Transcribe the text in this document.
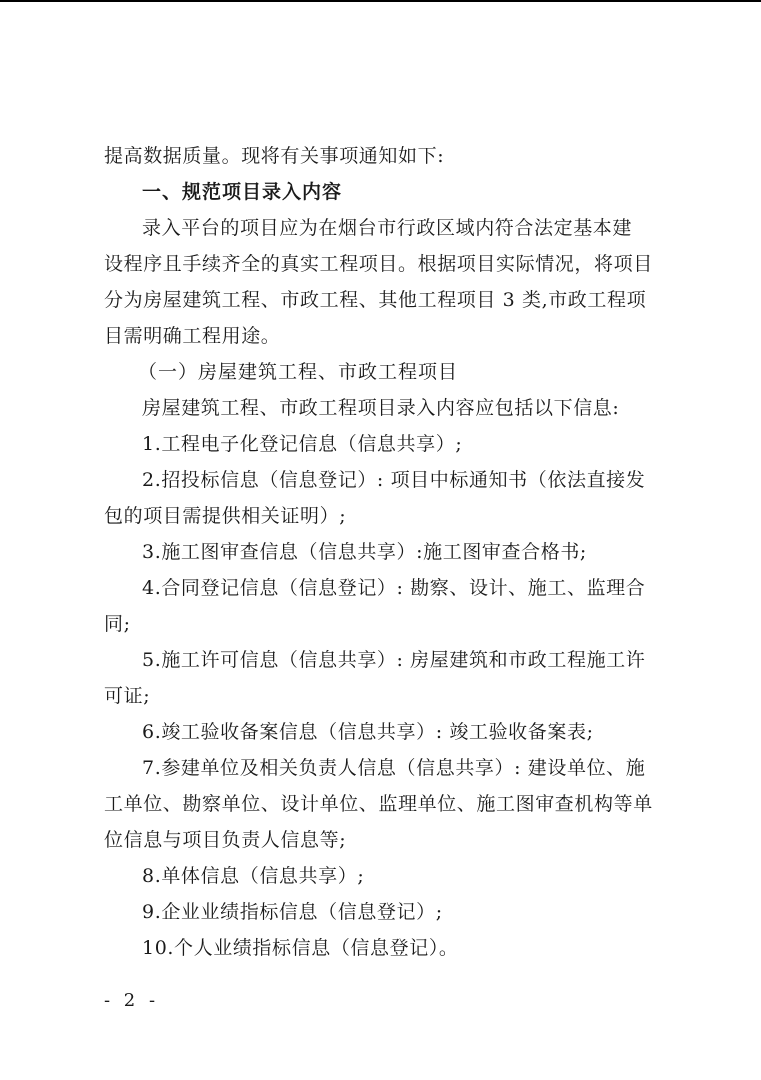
提高数据质量。现将有关事项通知如下:
一、规范项目录入内容
录入平台的项目应为在烟台市行政区域内符合法定基本建
设程序且手续齐全的真实工程项目。根据项目实际情况，将项目
分为房屋建筑工程、市政工程、其他工程项目 3 类,市政工程项
目需明确工程用途。
（一）房屋建筑工程、市政工程项目
房屋建筑工程、市政工程项目录入内容应包括以下信息:
1.工程电子化登记信息（信息共享）;
2.招投标信息（信息登记）: 项目中标通知书（依法直接发
包的项目需提供相关证明）;
3.施工图审查信息（信息共享）:施工图审查合格书;
4.合同登记信息（信息登记）: 勘察、设计、施工、监理合
同;
5.施工许可信息（信息共享）: 房屋建筑和市政工程施工许
可证;
6.竣工验收备案信息（信息共享）: 竣工验收备案表;
7.参建单位及相关负责人信息（信息共享）: 建设单位、施
工单位、勘察单位、设计单位、监理单位、施工图审查机构等单
位信息与项目负责人信息等;
8.单体信息（信息共享）;
9.企业业绩指标信息（信息登记）;
10.个人业绩指标信息（信息登记）。
- 2 -
